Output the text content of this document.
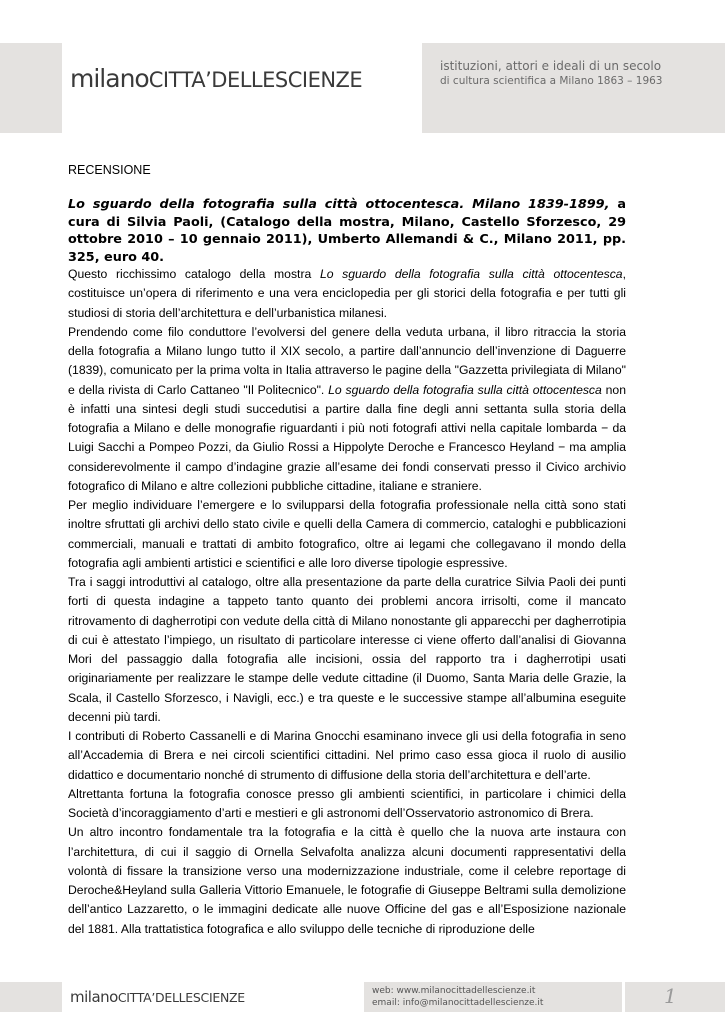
milanoCITTA’DELLESCIENZE
istituzioni, attori e ideali di un secolo
di cultura scientifica a Milano 1863 – 1963
RECENSIONE
Lo sguardo della fotografia sulla città ottocentesca. Milano 1839-1899, a cura di Silvia Paoli, (Catalogo della mostra, Milano, Castello Sforzesco, 29 ottobre 2010 – 10 gennaio 2011), Umberto Allemandi & C., Milano 2011, pp. 325, euro 40.

Questo ricchissimo catalogo della mostra Lo sguardo della fotografia sulla città ottocentesca, costituisce un’opera di riferimento e una vera enciclopedia per gli storici della fotografia e per tutti gli studiosi di storia dell’architettura e dell’urbanistica milanesi.

Prendendo come filo conduttore l’evolversi del genere della veduta urbana, il libro ritraccia la storia della fotografia a Milano lungo tutto il XIX secolo, a partire dall’annuncio dell’invenzione di Daguerre (1839), comunicato per la prima volta in Italia attraverso le pagine della "Gazzetta privilegiata di Milano" e della rivista di Carlo Cattaneo "Il Politecnico". Lo sguardo della fotografia sulla città ottocentesca non è infatti una sintesi degli studi succedutisi a partire dalla fine degli anni settanta sulla storia della fotografia a Milano e delle monografie riguardanti i più noti fotografi attivi nella capitale lombarda − da Luigi Sacchi a Pompeo Pozzi, da Giulio Rossi a Hippolyte Deroche e Francesco Heyland − ma amplia considerevolmente il campo d’indagine grazie all’esame dei fondi conservati presso il Civico archivio fotografico di Milano e altre collezioni pubbliche cittadine, italiane e straniere.

Per meglio individuare l’emergere e lo svilupparsi della fotografia professionale nella città sono stati inoltre sfruttati gli archivi dello stato civile e quelli della Camera di commercio, cataloghi e pubblicazioni commerciali, manuali e trattati di ambito fotografico, oltre ai legami che collegavano il mondo della fotografia agli ambienti artistici e scientifici e alle loro diverse tipologie espressive.

Tra i saggi introduttivi al catalogo, oltre alla presentazione da parte della curatrice Silvia Paoli dei punti forti di questa indagine a tappeto tanto quanto dei problemi ancora irrisolti, come il mancato ritrovamento di dagherrotipi con vedute della città di Milano nonostante gli apparecchi per dagherrotipia di cui è attestato l’impiego, un risultato di particolare interesse ci viene offerto dall’analisi di Giovanna Mori del passaggio dalla fotografia alle incisioni, ossia del rapporto tra i dagherrotipi usati originariamente per realizzare le stampe delle vedute cittadine (il Duomo, Santa Maria delle Grazie, la Scala, il Castello Sforzesco, i Navigli, ecc.) e tra queste e le successive stampe all’albumina eseguite decenni più tardi.

I contributi di Roberto Cassanelli e di Marina Gnocchi esaminano invece gli usi della fotografia in seno all’Accademia di Brera e nei circoli scientifici cittadini. Nel primo caso essa gioca il ruolo di ausilio didattico e documentario nonché di strumento di diffusione della storia dell’architettura e dell’arte.

Altrettanta fortuna la fotografia conosce presso gli ambienti scientifici, in particolare i chimici della Società d’incoraggiamento d’arti e mestieri e gli astronomi dell’Osservatorio astronomico di Brera.

Un altro incontro fondamentale tra la fotografia e la città è quello che la nuova arte instaura con l’architettura, di cui il saggio di Ornella Selvafolta analizza alcuni documenti rappresentativi della volontà di fissare la transizione verso una modernizzazione industriale, come il celebre reportage di Deroche&Heyland sulla Galleria Vittorio Emanuele, le fotografie di Giuseppe Beltrami sulla demolizione dell’antico Lazzaretto, o le immagini dedicate alle nuove Officine del gas e all’Esposizione nazionale del 1881. Alla trattatistica fotografica e allo sviluppo delle tecniche di riproduzione delle

milanoCITTA’DELLESCIENZE	web: www.milanocittadellescienze.it
email: info@milanocittadellescienze.it	1
